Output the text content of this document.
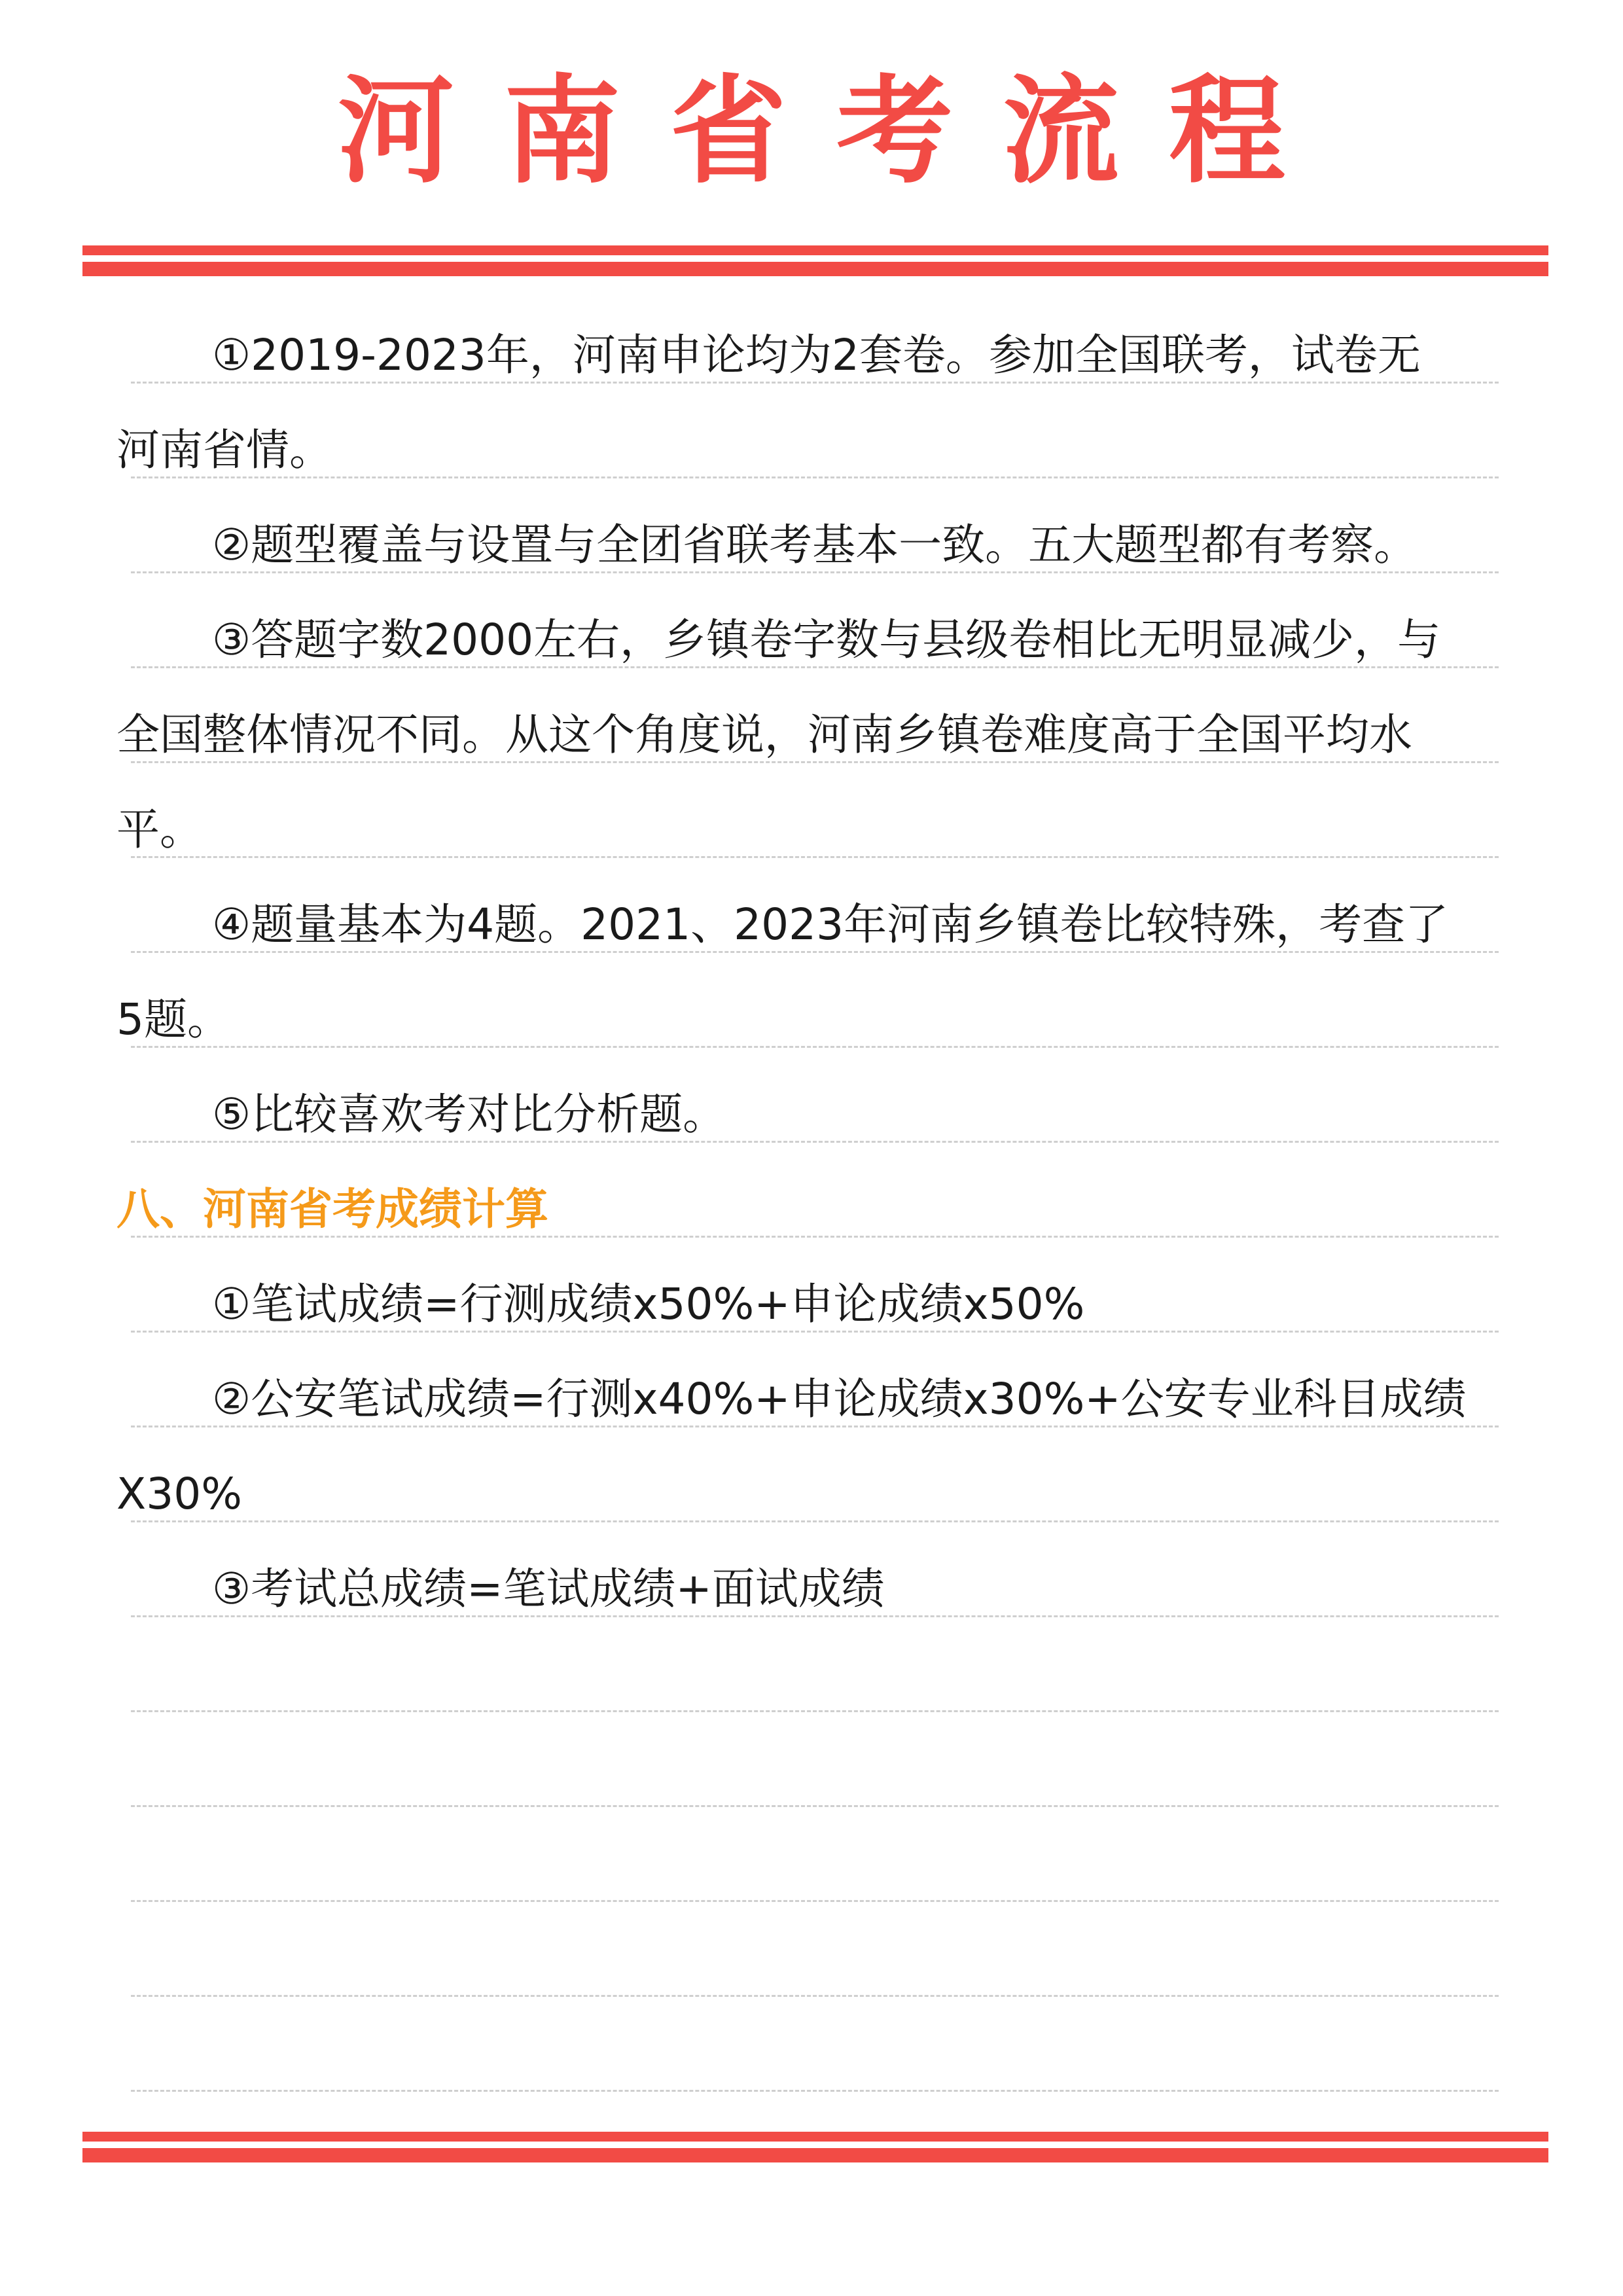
河 南 省 考 流 程
①2019-2023年，河南申论均为2套卷。参加全国联考，试卷无
河南省情。
②题型覆盖与设置与全团省联考基本一致。五大题型都有考察。
③答题字数2000左右，乡镇卷字数与县级卷相比无明显减少，与
全国整体情况不同。从这个角度说，河南乡镇卷难度高于全国平均水
平。
④题量基本为4题。2021、2023年河南乡镇卷比较特殊，考查了
5题。
⑤比较喜欢考对比分析题。
八、河南省考成绩计算
①笔试成绩=行测成绩x50%+申论成绩x50%
②公安笔试成绩=行测x40%+申论成绩x30%+公安专业科目成绩
X30%
③考试总成绩=笔试成绩+面试成绩
